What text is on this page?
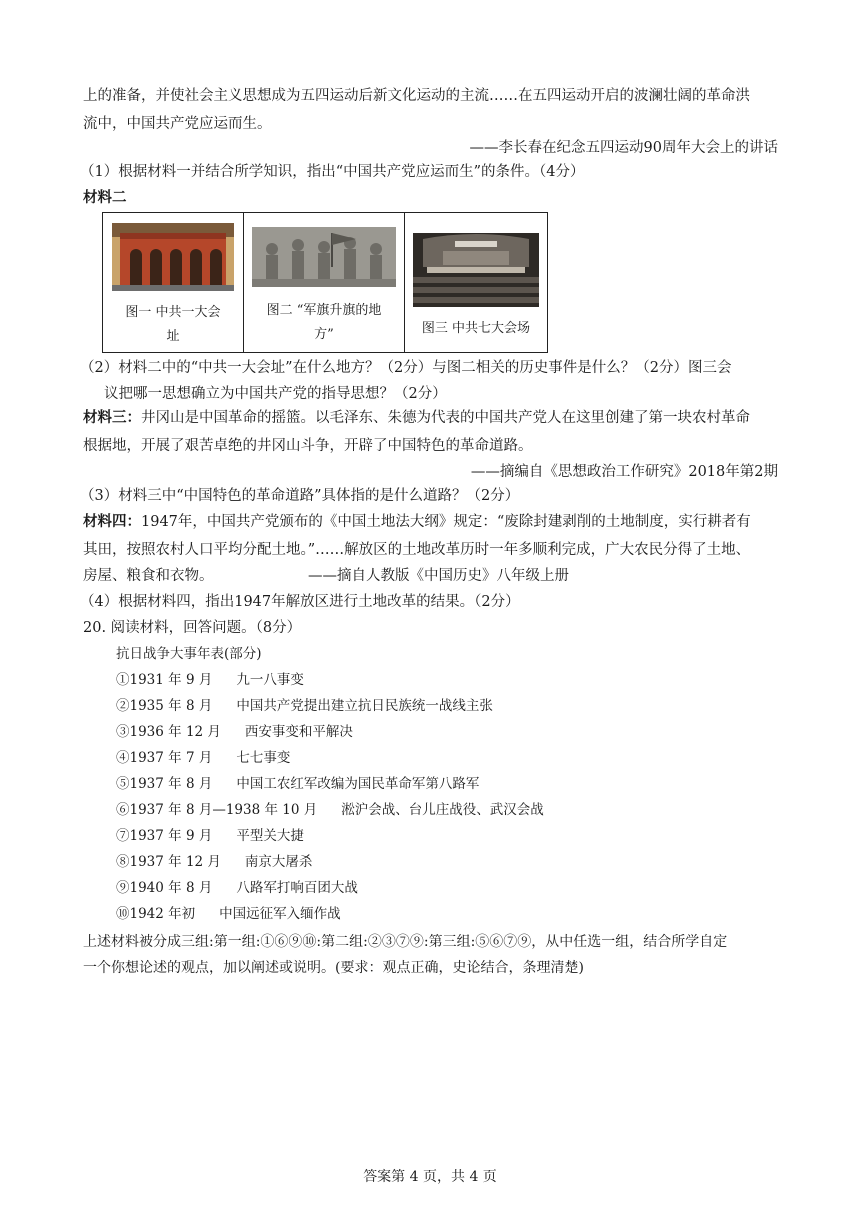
上的准备，并使社会主义思想成为五四运动后新文化运动的主流……在五四运动开启的波澜壮阔的革命洪
流中，中国共产党应运而生。
——李长春在纪念五四运动90周年大会上的讲话
（1）根据材料一并结合所学知识，指出“中国共产党应运而生”的条件。（4分）
材料二
图一 中共一大会
址

图二 “军旗升旗的地
方”	图三 中共七大会场
（2）材料二中的“中共一大会址”在什么地方？（2分）与图二相关的历史事件是什么？（2分）图三会
议把哪一思想确立为中国共产党的指导思想？（2分）
材料三：井冈山是中国革命的摇篮。以毛泽东、朱德为代表的中国共产党人在这里创建了第一块农村革命
根据地，开展了艰苦卓绝的井冈山斗争，开辟了中国特色的革命道路。
——摘编自《思想政治工作研究》2018年第2期
（3）材料三中“中国特色的革命道路”具体指的是什么道路？（2分）
材料四：1947年，中国共产党颁布的《中国土地法大纲》规定：“废除封建剥削的土地制度，实行耕者有
其田，按照农村人口平均分配土地。”……解放区的土地改革历时一年多顺利完成，广大农民分得了土地、
房屋、粮食和衣物。	——摘自人教版《中国历史》八年级上册
（4）根据材料四，指出1947年解放区进行土地改革的结果。（2分）
20. 阅读材料，回答问题。（8分）
抗日战争大事年表(部分)
①1931 年 9 月 九一八事变
②1935 年 8 月 中国共产党提出建立抗日民族统一战线主张
③1936 年 12 月 西安事变和平解决
④1937 年 7 月 七七事变
⑤1937 年 8 月 中国工农红军改编为国民革命军第八路军
⑥1937 年 8 月—1938 年 10 月 淞沪会战、台儿庄战役、武汉会战
⑦1937 年 9 月 平型关大捷
⑧1937 年 12 月 南京大屠杀
⑨1940 年 8 月 八路军打响百团大战
⑩1942 年初 中国远征军入缅作战
上述材料被分成三组:第一组:①⑥⑨⑩:第二组:②③⑦⑨:第三组:⑤⑥⑦⑨，从中任选一组，结合所学自定
一个你想论述的观点，加以阐述或说明。(要求：观点正确，史论结合，条理清楚)
答案第 4 页，共 4 页
